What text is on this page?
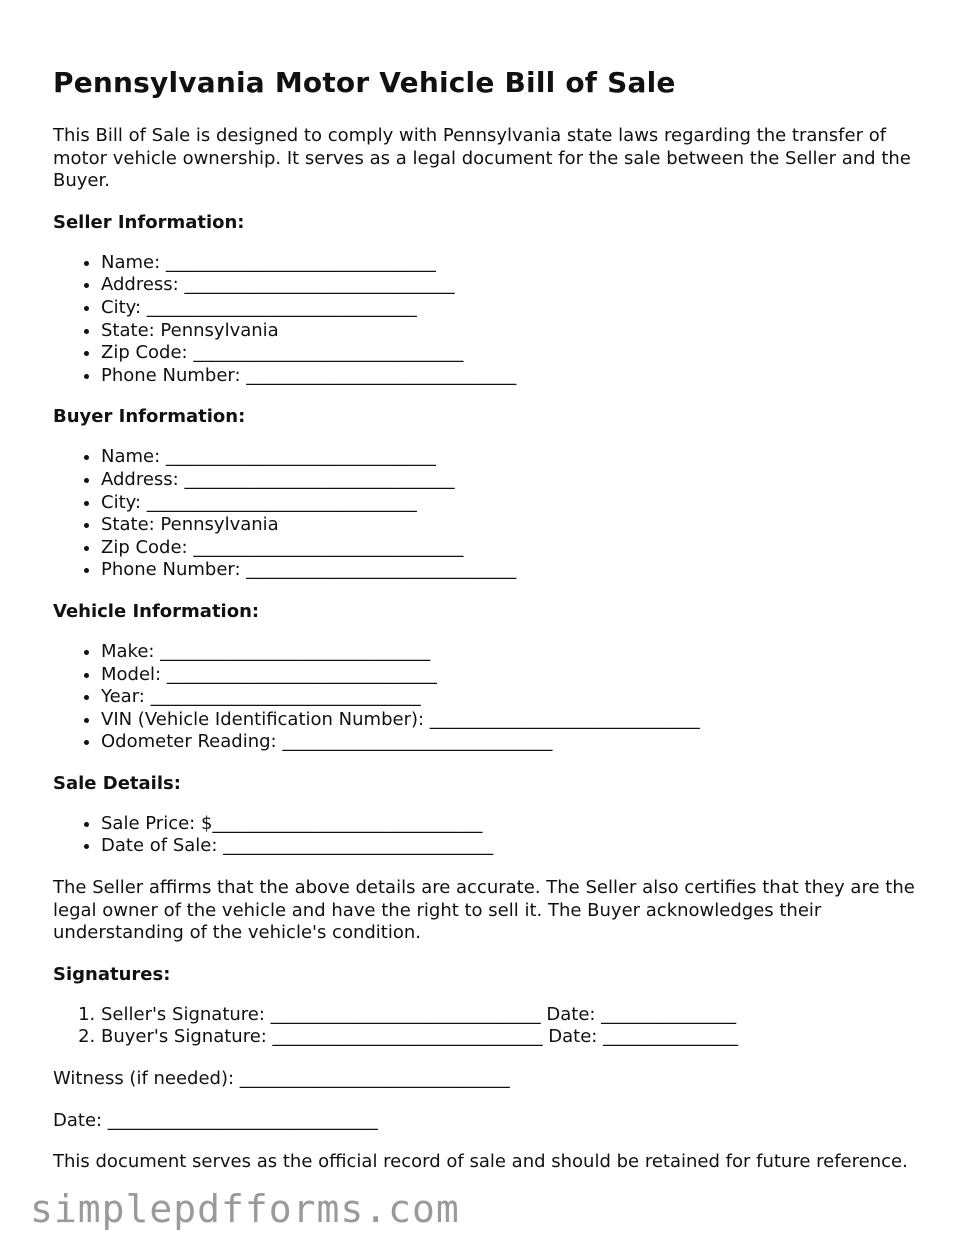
Pennsylvania Motor Vehicle Bill of Sale

This Bill of Sale is designed to comply with Pennsylvania state laws regarding the transfer of motor vehicle ownership. It serves as a legal document for the sale between the Seller and the Buyer.

Seller Information:
• Name: ______________________________
• Address: ______________________________
• City: ______________________________
• State: Pennsylvania
• Zip Code: ______________________________
• Phone Number: ______________________________
Buyer Information:
• Name: ______________________________
• Address: ______________________________
• City: ______________________________
• State: Pennsylvania
• Zip Code: ______________________________
• Phone Number: ______________________________
Vehicle Information:
• Make: ______________________________
• Model: ______________________________
• Year: ______________________________
• VIN (Vehicle Identification Number): ______________________________
• Odometer Reading: ______________________________
Sale Details:
• Sale Price: $______________________________
• Date of Sale: ______________________________

The Seller affirms that the above details are accurate. The Seller also certifies that they are the legal owner of the vehicle and have the right to sell it. The Buyer acknowledges their understanding of the vehicle's condition.

Signatures:
1. Seller's Signature: ______________________________ Date: _______________
2. Buyer's Signature: ______________________________ Date: _______________

Witness (if needed): ______________________________

Date: ______________________________

This document serves as the official record of sale and should be retained for future reference.

simplepdfforms.com
